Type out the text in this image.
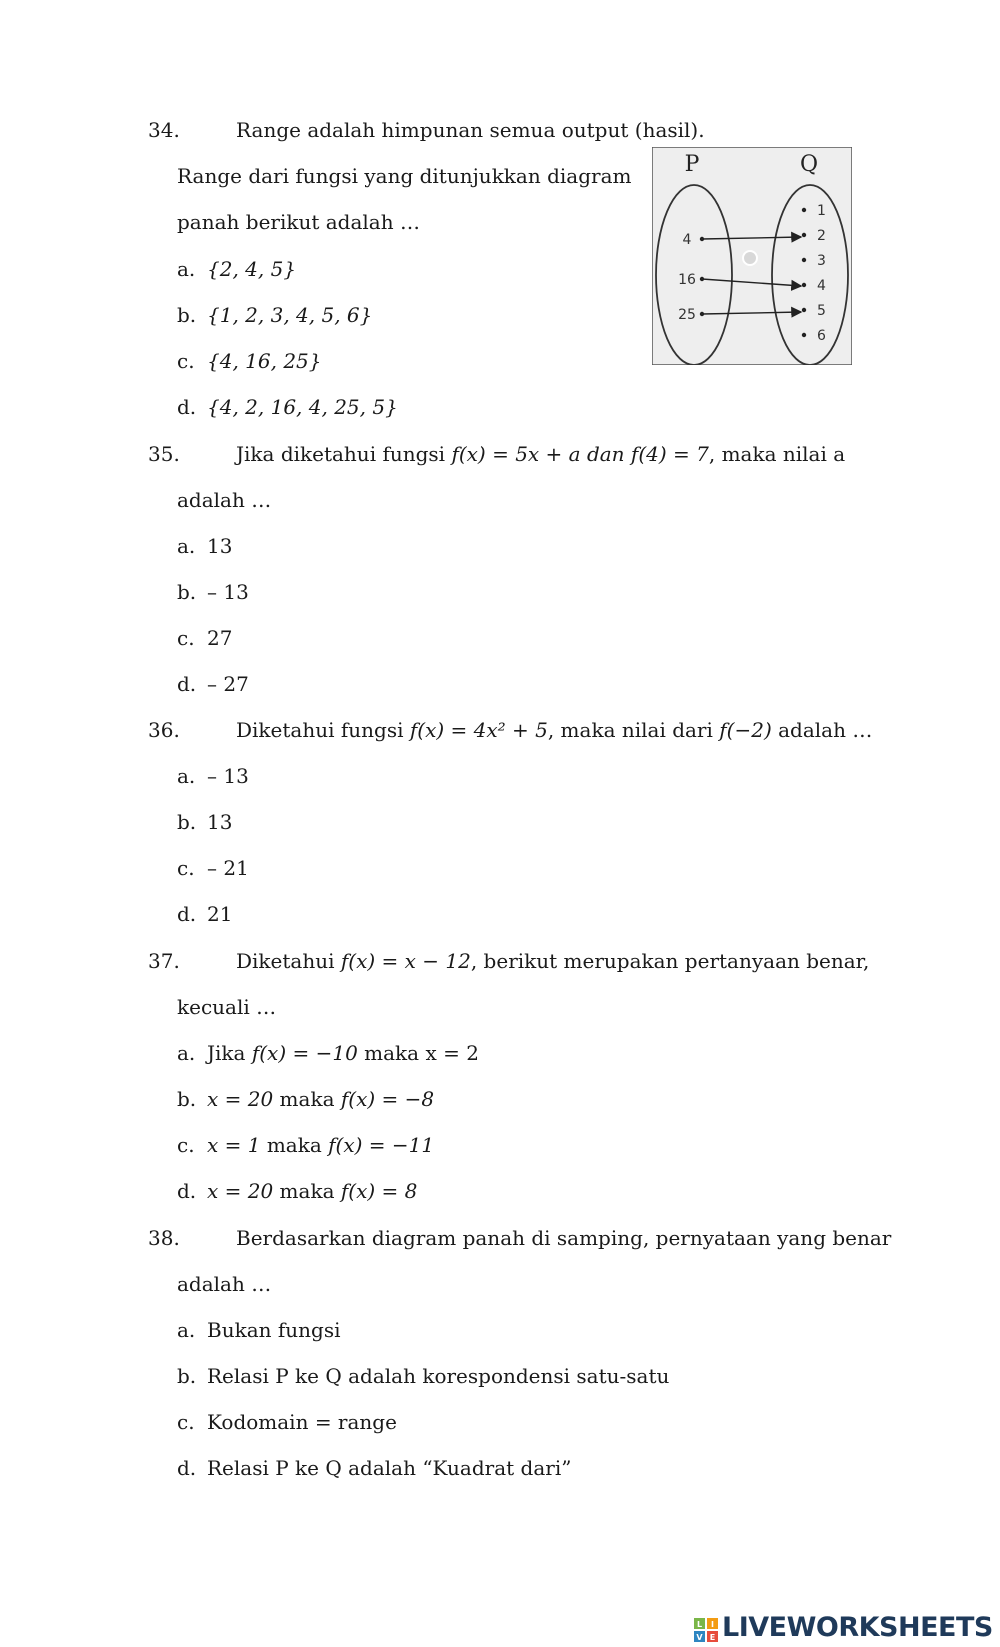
34.	Range adalah himpunan semua output (hasil).
Range dari fungsi yang ditunjukkan diagram
panah berikut adalah …
a. {2, 4, 5}
b. {1, 2, 3, 4, 5, 6}
c. {4, 16, 25}
d. {4, 2, 16, 4, 25, 5}
P	Q
4
16
25
1
2
3
4
5
6
35.	Jika diketahui fungsi f(x) = 5x + a dan f(4) = 7, maka nilai a
adalah …
a. 13
b. – 13
c. 27
d. – 27
36.	Diketahui fungsi f(x) = 4x² + 5, maka nilai dari f(−2) adalah …
a. – 13
b. 13
c. – 21
d. 21
37.	Diketahui f(x) = x − 12, berikut merupakan pertanyaan benar,
kecuali …
a. Jika f(x) = −10 maka x = 2
b. x = 20 maka f(x) = −8
c. x = 1 maka f(x) = −11
d. x = 20 maka f(x) = 8
38.	Berdasarkan diagram panah di samping, pernyataan yang benar
adalah …
a. Bukan fungsi
b. Relasi P ke Q adalah korespondensi satu-satu
c. Kodomain = range
d. Relasi P ke Q adalah “Kuadrat dari”
L I
V E LIVEWORKSHEETS
